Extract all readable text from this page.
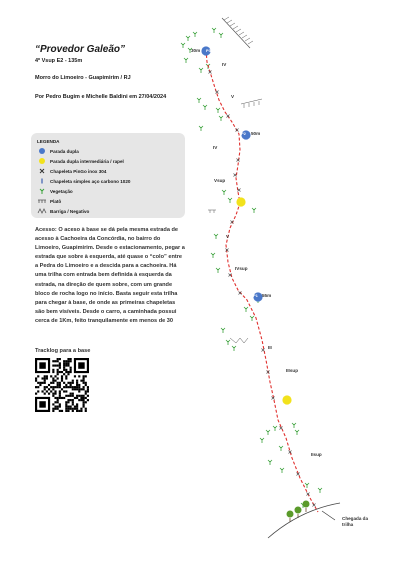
“Provedor Galeão”
4º Vsup E2 - 135m
Morro do Limoeiro - Guapimirim / RJ
Por Pedro Bugim e Michelle Baldini em 27/04/2024
LEGENDA
Parada dupla
Parada dupla intermediária / rapel
Chapeleta PinGo inox 304
Chapeleta simples aço carbono 1020
Vegetação
Platô
Barriga / Negativo
Acesso: O aceso à base se dá pela mesma estrada de acesso à Cachoeira da Concórdia, no bairro do Limoeiro, Guapimirim. Desde o estacionamento, pegar a estrada que sobre à esquerda, até quase o “colo” entre a Pedra do Limoeiro e a descida para a cachoeira. Há uma trilha com entrada bem definida à esquerda da estrada, na direção de quem sobre, com um grande bloco de rocha logo no início. Basta seguir esta trilha para chegar à base, de onde as primeiras chapeletas são bem visíveis. Desde o carro, a caminhada possui cerca de 1Km, feito tranquilamente em menos de 30
Tracklog para a base
30m
50m
55m
P3
P2
P1
IV
V
IV
Vsup
V
IVsup
III
IIIsup
IIsup
Chegada da trilha
